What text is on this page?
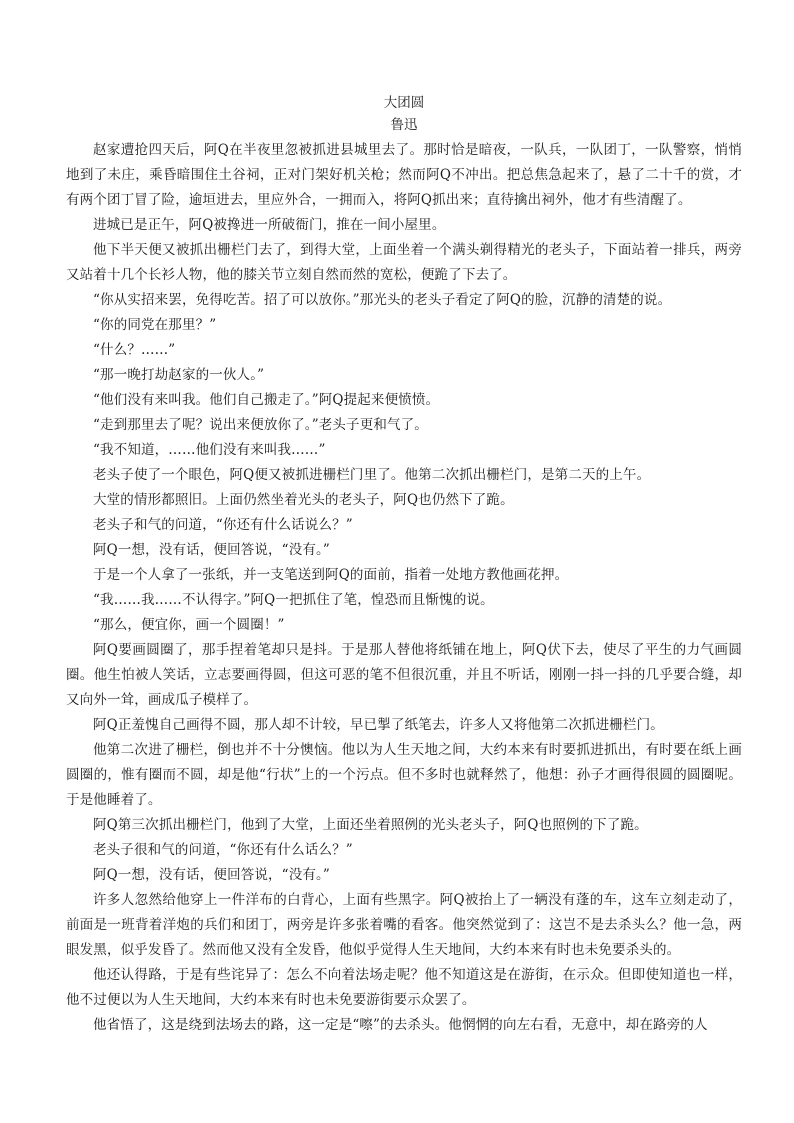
大团圆
鲁迅

赵家遭抢四天后，阿Q在半夜里忽被抓进县城里去了。那时恰是暗夜，一队兵，一队团丁，一队警察，悄悄地到了未庄，乘昏暗围住土谷祠，正对门架好机关枪；然而阿Q不冲出。把总焦急起来了，悬了二十千的赏，才有两个团丁冒了险，逾垣进去，里应外合，一拥而入，将阿Q抓出来；直待擒出祠外，他才有些清醒了。

进城已是正午，阿Q被搀进一所破衙门，推在一间小屋里。

他下半天便又被抓出栅栏门去了，到得大堂，上面坐着一个满头剃得精光的老头子，下面站着一排兵，两旁又站着十几个长衫人物，他的膝关节立刻自然而然的宽松，便跪了下去了。

“你从实招来罢，免得吃苦。招了可以放你。”那光头的老头子看定了阿Q的脸，沉静的清楚的说。

“你的同党在那里？”

“什么？……”

“那一晚打劫赵家的一伙人。”

“他们没有来叫我。他们自己搬走了。”阿Q提起来便愤愤。

“走到那里去了呢？说出来便放你了。”老头子更和气了。

“我不知道，……他们没有来叫我……”

老头子使了一个眼色，阿Q便又被抓进栅栏门里了。他第二次抓出栅栏门，是第二天的上午。

大堂的情形都照旧。上面仍然坐着光头的老头子，阿Q也仍然下了跪。

老头子和气的问道，“你还有什么话说么？”

阿Q一想，没有话，便回答说，“没有。”

于是一个人拿了一张纸，并一支笔送到阿Q的面前，指着一处地方教他画花押。

“我……我……不认得字。”阿Q一把抓住了笔，惶恐而且惭愧的说。

“那么，便宜你，画一个圆圈！”

阿Q要画圆圈了，那手捏着笔却只是抖。于是那人替他将纸铺在地上，阿Q伏下去，使尽了平生的力气画圆圈。他生怕被人笑话，立志要画得圆，但这可恶的笔不但很沉重，并且不听话，刚刚一抖一抖的几乎要合缝，却又向外一耸，画成瓜子模样了。

阿Q正羞愧自己画得不圆，那人却不计较，早已掣了纸笔去，许多人又将他第二次抓进栅栏门。

他第二次进了栅栏，倒也并不十分懊恼。他以为人生天地之间，大约本来有时要抓进抓出，有时要在纸上画圆圈的，惟有圈而不圆，却是他“行状”上的一个污点。但不多时也就释然了，他想：孙子才画得很圆的圆圈呢。于是他睡着了。

阿Q第三次抓出栅栏门，他到了大堂，上面还坐着照例的光头老头子，阿Q也照例的下了跪。

老头子很和气的问道，“你还有什么话么？”

阿Q一想，没有话，便回答说，“没有。”

许多人忽然给他穿上一件洋布的白背心，上面有些黑字。阿Q被抬上了一辆没有蓬的车，这车立刻走动了，前面是一班背着洋炮的兵们和团丁，两旁是许多张着嘴的看客。他突然觉到了：这岂不是去杀头么？他一急，两眼发黑，似乎发昏了。然而他又没有全发昏，他似乎觉得人生天地间，大约本来有时也未免要杀头的。

他还认得路，于是有些诧异了：怎么不向着法场走呢？他不知道这是在游街，在示众。但即使知道也一样，他不过便以为人生天地间，大约本来有时也未免要游街要示众罢了。

他省悟了，这是绕到法场去的路，这一定是“嚓”的去杀头。他惘惘的向左右看，无意中，却在路旁的人
